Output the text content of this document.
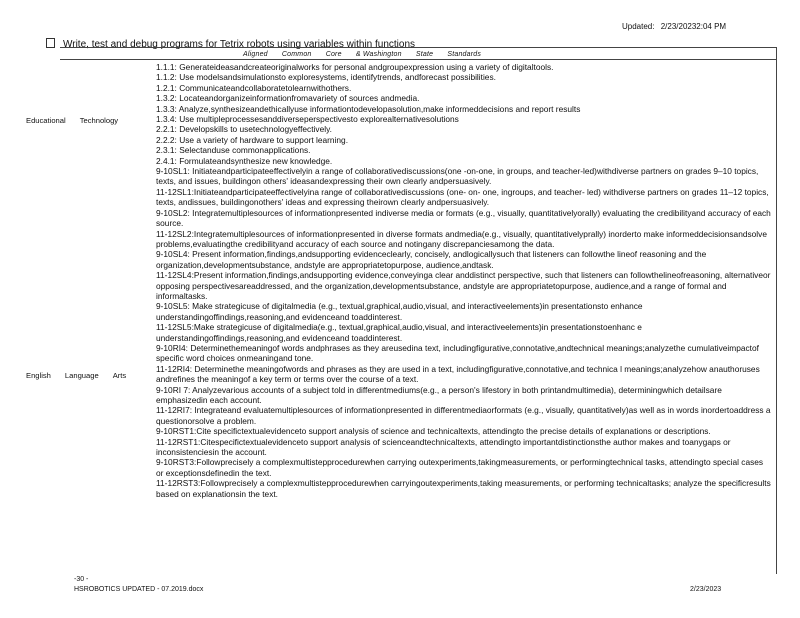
Updated: 2/23/20232:04 PM
Write, test and debug programs for Tetrix robots using variables within functions
Aligned Common Core & Washington State Standards
Educational Technology
English Language Arts

1.1.1: Generateideasandcreateoriginalworks for personal andgroupexpression using a variety of digitaltools.

1.1.2: Use modelsandsimulationsto exploresystems, identifytrends, andforecast possibilities.

1.2.1: Communicateandcollaboratetolearnwithothers.

1.3.2: Locateandorganizeinformationfromavariety of sources andmedia.

1.3.3: Analyze,synthesizeandethicallyuse informationtodevelopasolution,make informeddecisions and report results

1.3.4: Use multipleprocessesanddiverseperspectivesto explorealternativesolutions

2.2.1: Developskills to usetechnologyeffectively.

2.2.2: Use a variety of hardware to support learning.

2.3.1: Selectanduse commonapplications.

2.4.1: Formulateandsynthesize new knowledge.

9-10SL1: Initiateandparticipateeffectivelyin a range of collaborativediscussions(one -on-one, in groups, and teacher-led)withdiverse partners on grades 9–10 topics, texts, and issues, buildingon others' ideasandexpressing their own clearly andpersuasively.

11-12SL1:Initiateandparticipateeffectivelyina range of collaborativediscussions (one- on- one, ingroups, and teacher- led) withdiverse partners on grades 11–12 topics, texts, andissues, buildingonothers' ideas and expressing theirown clearly andpersuasively.

9-10SL2: Integratemultiplesources of informationpresented indiverse media or formats (e.g., visually, quantitativelyorally) evaluating the credibilityand accuracy of each source.

11-12SL2:Integratemultiplesources of informationpresented in diverse formats andmedia(e.g., visually, quantitativelyprally) inorderto make informeddecisionsandsolve problems,evaluatingthe credibilityand accuracy of each source and notingany discrepanciesamong the data.

9-10SL4: Present information,findings,andsupporting evidenceclearly, concisely, andlogicallysuch that listeners can followthe lineof reasoning and the organization,developmentsubstance, andstyle are appropriatetopurpose, audience,andtask.

11-12SL4:Present information,findings,andsupporting evidence,conveyinga clear anddistinct perspective, such that listeners can followthelineofreasoning, alternativeor opposing perspectivesareaddressed, and the organization,developmentsubstance, andstyle are appropriatetopurpose, audience,and a range of formal and informaltasks.

9-10SL5: Make strategicuse of digitalmedia (e.g., textual,graphical,audio,visual, and interactiveelements)in presentationsto enhance understandingoffindings,reasoning,and evidenceand toaddinterest.

11-12SL5:Make strategicuse of digitalmedia(e.g., textual,graphical,audio,visual, and interactiveelements)in presentationstoenhanc e understandingoffindings,reasoning,and evidenceand toaddinterest.

9-10RI4: Determinethemeaningof words andphrases as they areusedina text, includingfigurative,connotative,andtechnical meanings;analyzethe cumulativeimpactof specific word choices onmeaningand tone.

11-12RI4: Determinethe meaningofwords and phrases as they are used in a text, includingfigurative,connotative,and technica l meanings;analyzehow anauthoruses andrefines the meaningof a key term or terms over the course of a text.

9-10RI 7: Analyzevarious accounts of a subject told in differentmediums(e.g., a person's lifestory in both printandmultimedia), determiningwhich detailsare emphasizedin each account.

11-12RI7: Integrateand evaluatemultiplesources of informationpresented in differentmediaorformats (e.g., visually, quantitatively)as well as in words inordertoaddress a questionorsolve a problem.

9-10RST1:Cite specifictextualevidenceto support analysis of science and technicaltexts, attendingto the precise details of explanations or descriptions.

11-12RST1:Citespecifictextualevidenceto support analysis of scienceandtechnicaltexts, attendingto importantdistinctionsthe author makes and toanygaps or inconsistenciesin the account.

9-10RST3:Followprecisely a complexmultistepprocedurewhen carrying outexperiments,takingmeasurements, or performingtechnical tasks, attendingto special cases or exceptionsdefinedin the text.

11-12RST3:Followprecisely a complexmultistepprocedurewhen carryingoutexperiments,taking measurements, or performing technicaltasks; analyze the specificresults based on explanationsin the text.

-30 -
HSROBOTICS UPDATED - 07.2019.docx	2/23/2023
